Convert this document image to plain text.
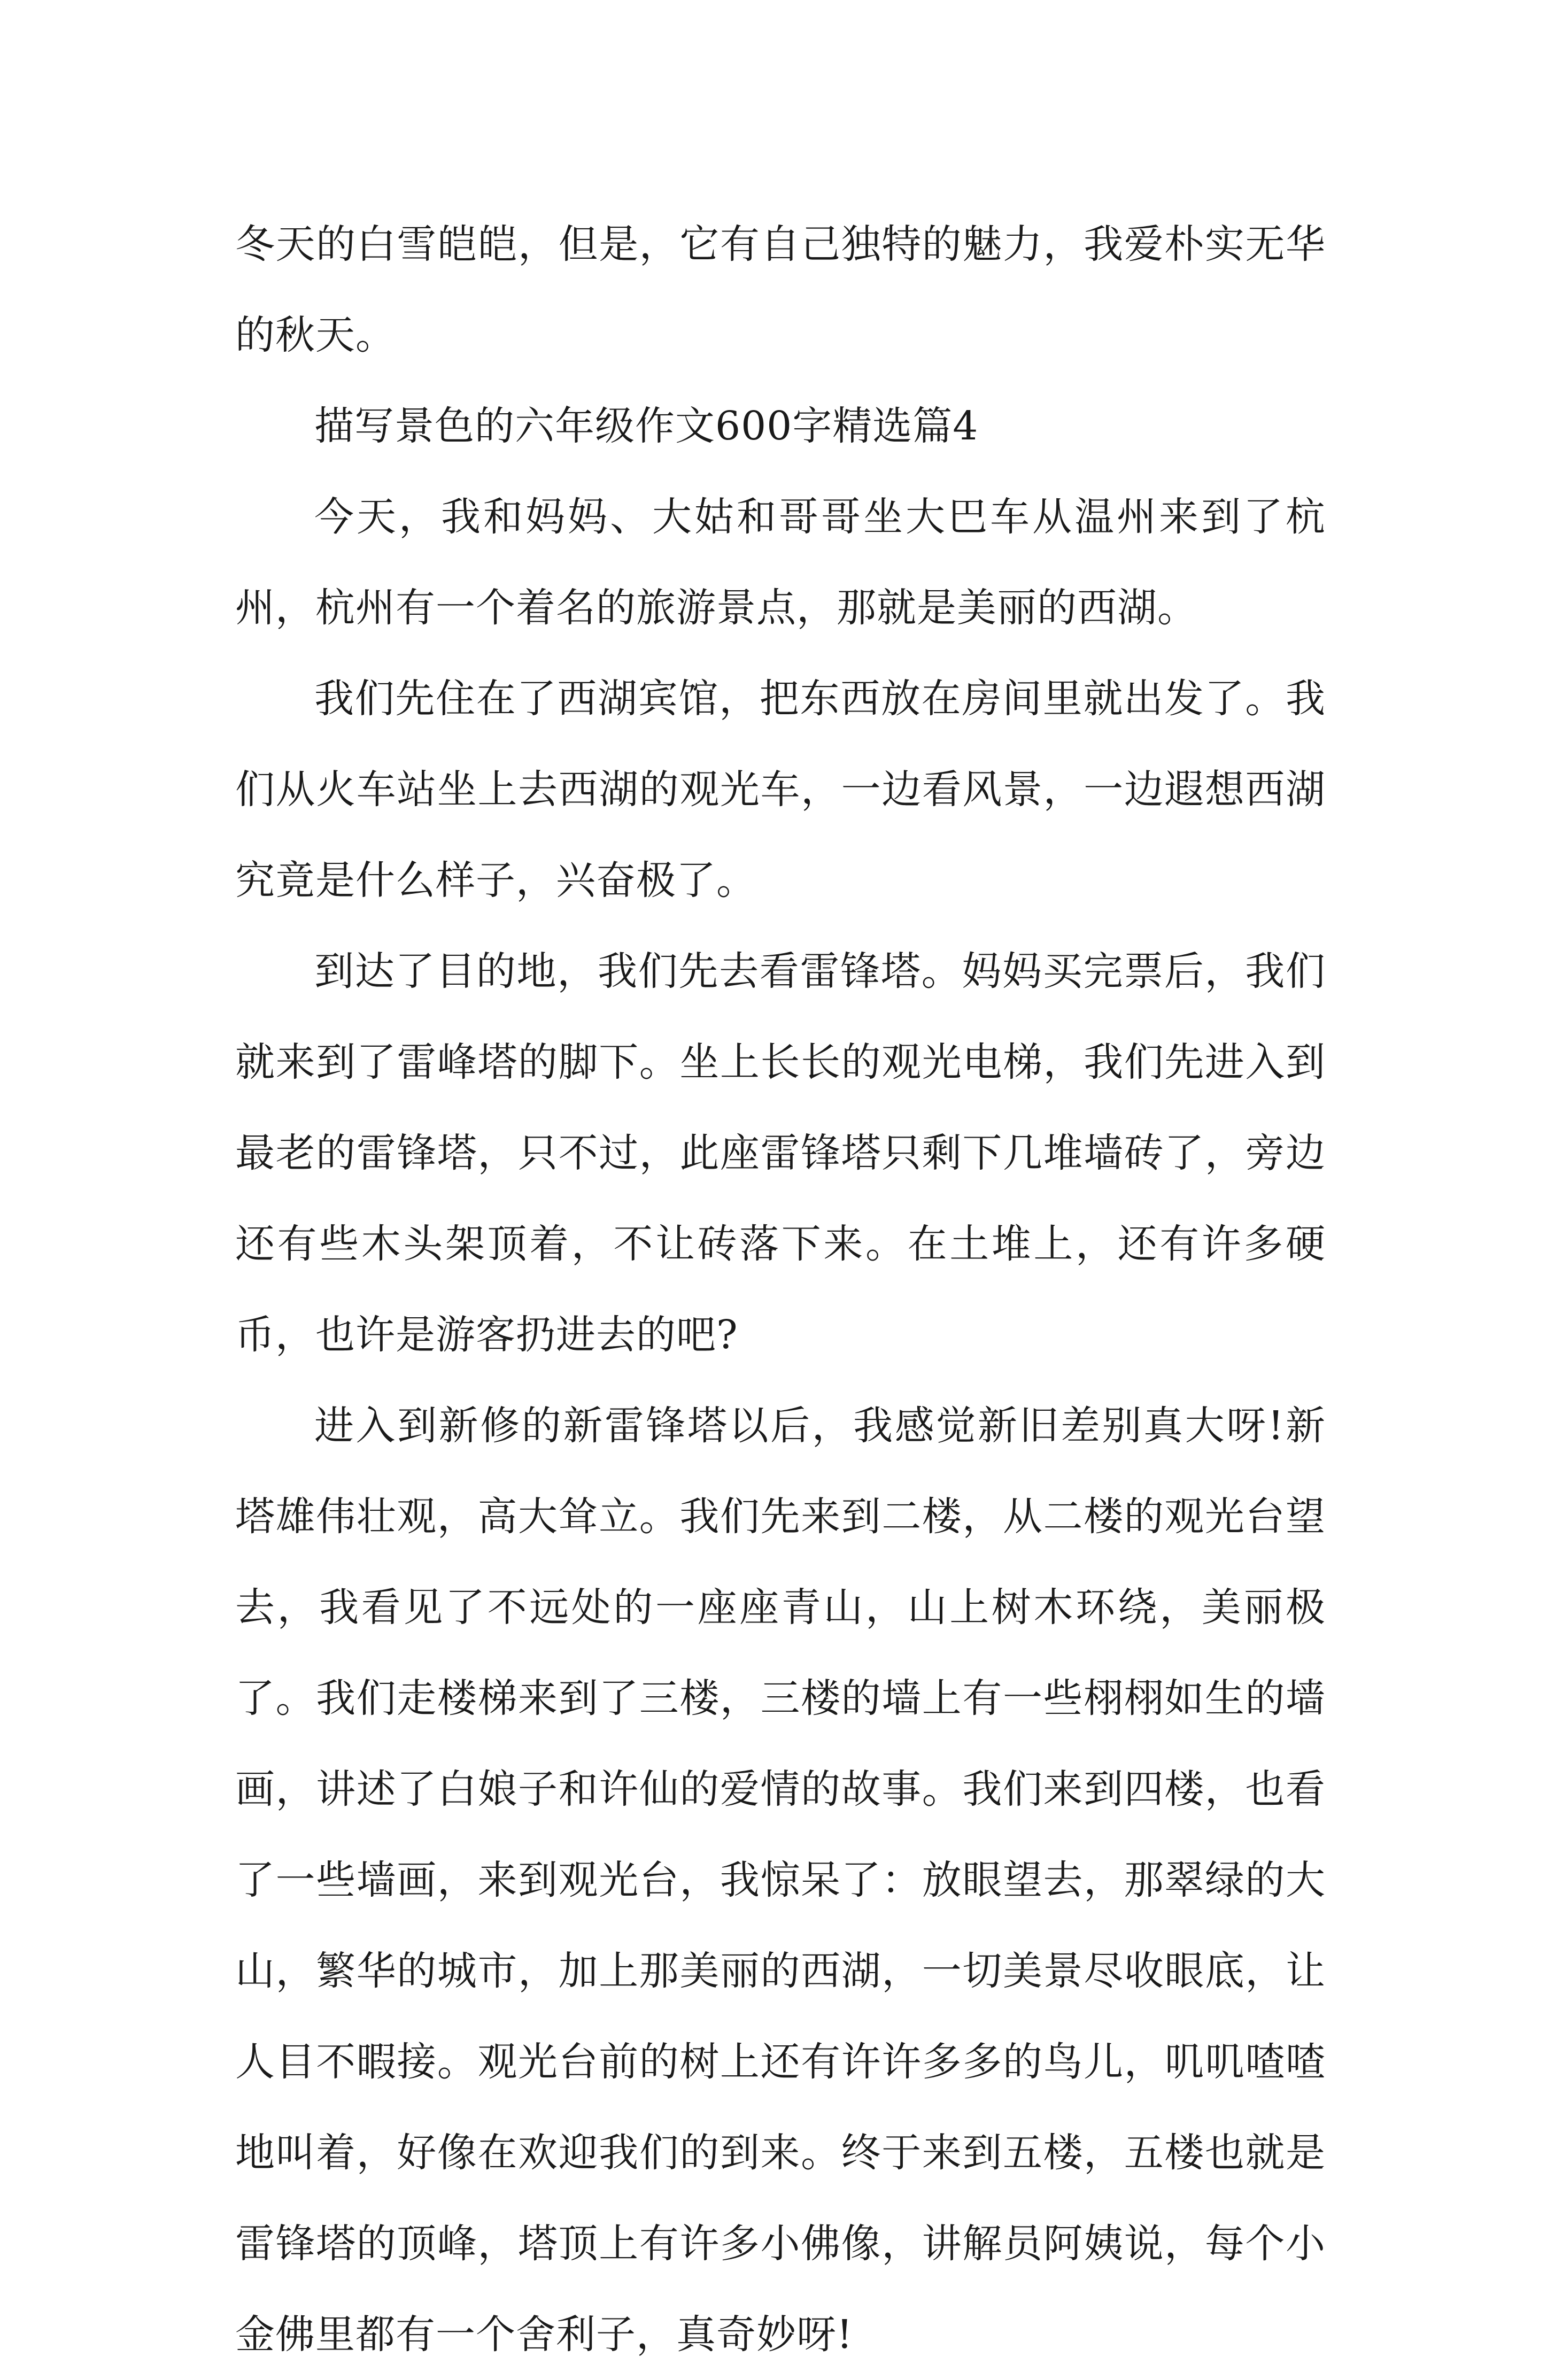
冬天的白雪皑皑，但是，它有自己独特的魅力，我爱朴实无华的秋天。

描写景色的六年级作文600字精选篇4

今天，我和妈妈、大姑和哥哥坐大巴车从温州来到了杭州，杭州有一个着名的旅游景点，那就是美丽的西湖。

我们先住在了西湖宾馆，把东西放在房间里就出发了。我们从火车站坐上去西湖的观光车，一边看风景，一边遐想西湖究竟是什么样子，兴奋极了。

到达了目的地，我们先去看雷锋塔。妈妈买完票后，我们就来到了雷峰塔的脚下。坐上长长的观光电梯，我们先进入到最老的雷锋塔，只不过，此座雷锋塔只剩下几堆墙砖了，旁边还有些木头架顶着，不让砖落下来。在土堆上，还有许多硬币，也许是游客扔进去的吧?

进入到新修的新雷锋塔以后，我感觉新旧差别真大呀!新塔雄伟壮观，高大耸立。我们先来到二楼，从二楼的观光台望去，我看见了不远处的一座座青山，山上树木环绕，美丽极了。我们走楼梯来到了三楼，三楼的墙上有一些栩栩如生的墙画，讲述了白娘子和许仙的爱情的故事。我们来到四楼，也看了一些墙画，来到观光台，我惊呆了：放眼望去，那翠绿的大山，繁华的城市，加上那美丽的西湖，一切美景尽收眼底，让人目不暇接。观光台前的树上还有许许多多的鸟儿，叽叽喳喳地叫着，好像在欢迎我们的到来。终于来到五楼，五楼也就是雷锋塔的顶峰，塔顶上有许多小佛像，讲解员阿姨说，每个小金佛里都有一个舍利子，真奇妙呀!
